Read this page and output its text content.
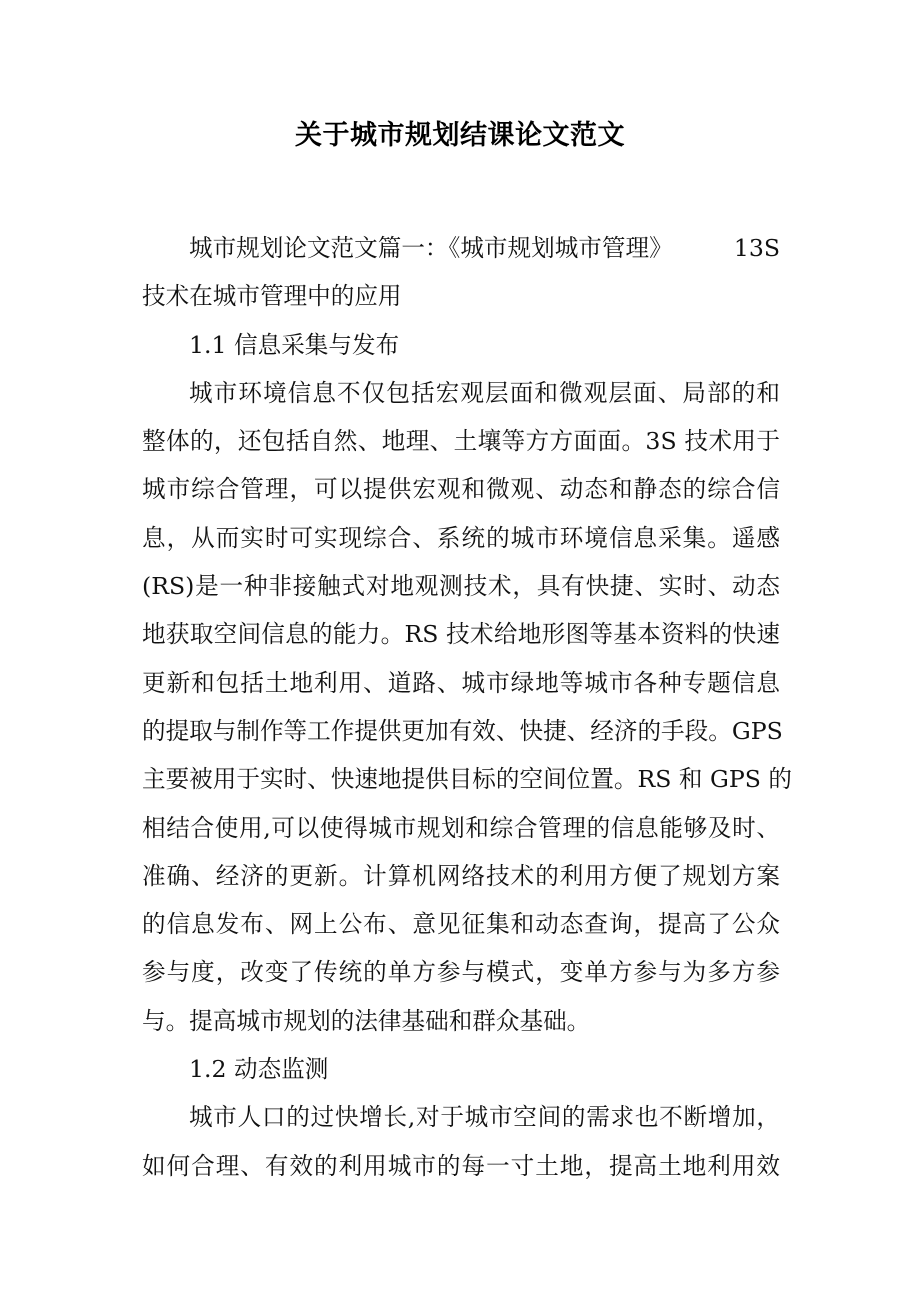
关于城市规划结课论文范文
城市规划论文范文篇一：《城市规划城市管理》	13S
技术在城市管理中的应用
1.1 信息采集与发布
城市环境信息不仅包括宏观层面和微观层面、局部的和
整体的，还包括自然、地理、土壤等方方面面。3S 技术用于
城市综合管理，可以提供宏观和微观、动态和静态的综合信
息，从而实时可实现综合、系统的城市环境信息采集。遥感
(RS)是一种非接触式对地观测技术，具有快捷、实时、动态
地获取空间信息的能力。RS 技术给地形图等基本资料的快速
更新和包括土地利用、道路、城市绿地等城市各种专题信息
的提取与制作等工作提供更加有效、快捷、经济的手段。GPS
主要被用于实时、快速地提供目标的空间位置。RS 和 GPS 的
相结合使用,可以使得城市规划和综合管理的信息能够及时、
准确、经济的更新。计算机网络技术的利用方便了规划方案
的信息发布、网上公布、意见征集和动态查询，提高了公众
参与度，改变了传统的单方参与模式，变单方参与为多方参
与。提高城市规划的法律基础和群众基础。
1.2 动态监测
城市人口的过快增长,对于城市空间的需求也不断增加，
如何合理、有效的利用城市的每一寸土地，提高土地利用效
